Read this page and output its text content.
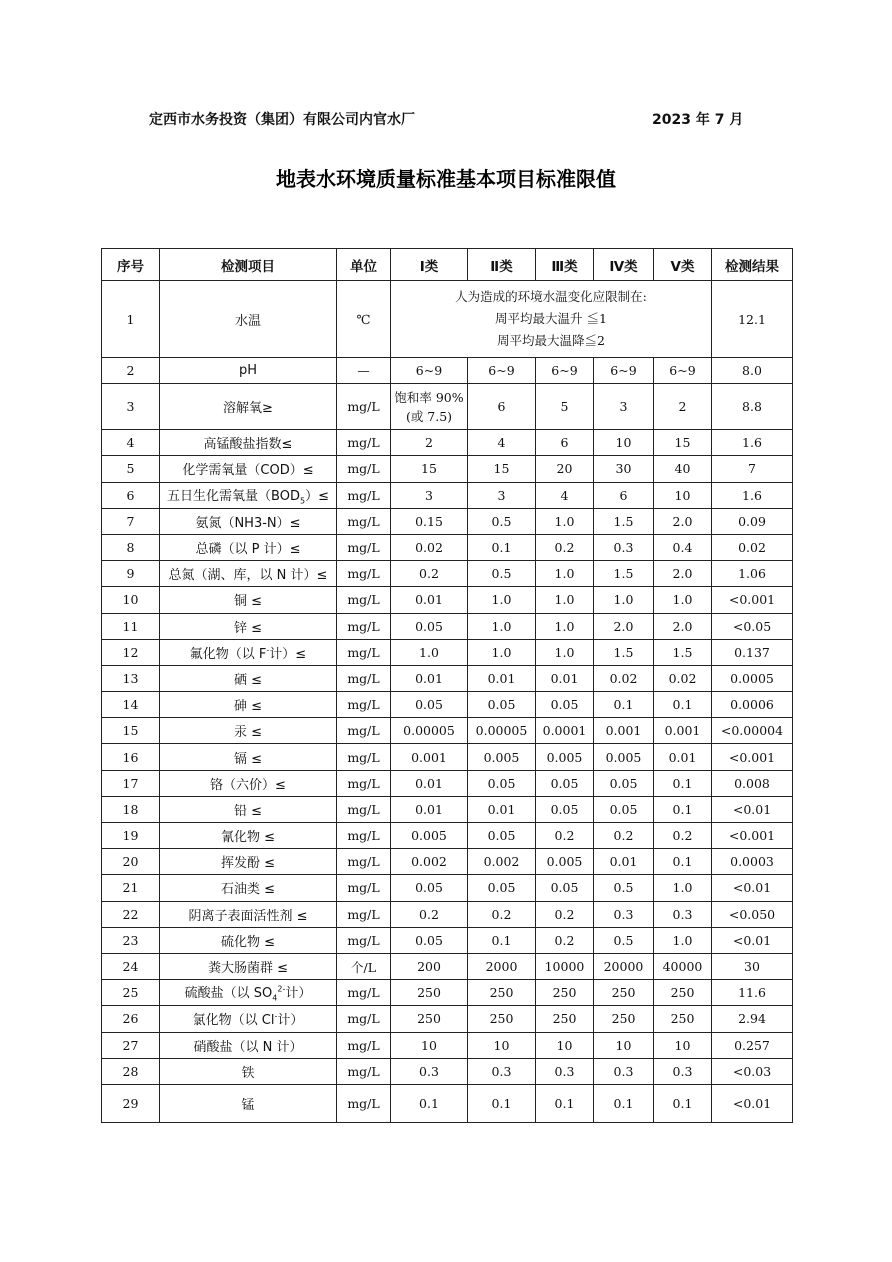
定西市水务投资（集团）有限公司内官水厂	2023 年 7 月
地表水环境质量标准基本项目标准限值
序号	检测项目	单位	Ⅰ类	Ⅱ类	Ⅲ类	Ⅳ类	Ⅴ类	检测结果
1	水温	℃	人为造成的环境水温变化应限制在:
周平均最大温升 ≦1
周平均最大温降≦2					12.1
2	pH	—	6~9	6~9	6~9	6~9	6~9	8.0
3	溶解氧≥	mg/L	饱和率 90%
(或 7.5)	6	5	3	2	8.8
4	高锰酸盐指数≤	mg/L	2	4	6	10	15	1.6
5	化学需氧量（COD）≤	mg/L	15	15	20	30	40	7
6	五日生化需氧量$(BOD_5)\le$	mg/L	3	3	4	6	10	1.6
7	氨氮（NH3-N）≤	mg/L	0.15	0.5	1.0	1.5	2.0	0.09
8	总磷（以 P 计）≤	mg/L	0.02	0.1	0.2	0.3	0.4	0.02
9	总氮（湖、库，以 N 计）≤	mg/L	0.2	0.5	1.0	1.5	2.0	1.06
10	铜 ≤	mg/L	0.01	1.0	1.0	1.0	1.0	<0.001
11	锌 ≤	mg/L	0.05	1.0	1.0	2.0	2.0	<0.05
12	氟化物（以 F-计）≤	mg/L	1.0	1.0	1.0	1.5	1.5	0.137
13	硒 ≤	mg/L	0.01	0.01	0.01	0.02	0.02	0.0005
14	砷 ≤	mg/L	0.05	0.05	0.05	0.1	0.1	0.0006
15	汞 ≤	mg/L	0.00005	0.00005	0.0001	0.001	0.001	<0.00004
16	镉 ≤	mg/L	0.001	0.005	0.005	0.005	0.01	<0.001
17	铬（六价）≤	mg/L	0.01	0.05	0.05	0.05	0.1	0.008
18	铅 ≤	mg/L	0.01	0.01	0.05	0.05	0.1	<0.01
19	氰化物 ≤	mg/L	0.005	0.05	0.2	0.2	0.2	<0.001
20	挥发酚 ≤	mg/L	0.002	0.002	0.005	0.01	0.1	0.0003
21	石油类 ≤	mg/L	0.05	0.05	0.05	0.5	1.0	<0.01
22	阴离子表面活性剂 ≤	mg/L	0.2	0.2	0.2	0.3	0.3	<0.050
23	硫化物 ≤	mg/L	0.05	0.1	0.2	0.5	1.0	<0.01
24	粪大肠菌群 ≤	个/L	200	2000	10000	20000	40000	30
25	硫酸盐（以 $SO_4^{2-}$计）	mg/L	250	250	250	250	250	11.6
26	氯化物（以 Cl-计）	mg/L	250	250	250	250	250	2.94
27	硝酸盐（以 N 计）	mg/L	10	10	10	10	10	0.257
28	铁	mg/L	0.3	0.3	0.3	0.3	0.3	<0.03
29	锰	mg/L	0.1	0.1	0.1	0.1	0.1	<0.01
